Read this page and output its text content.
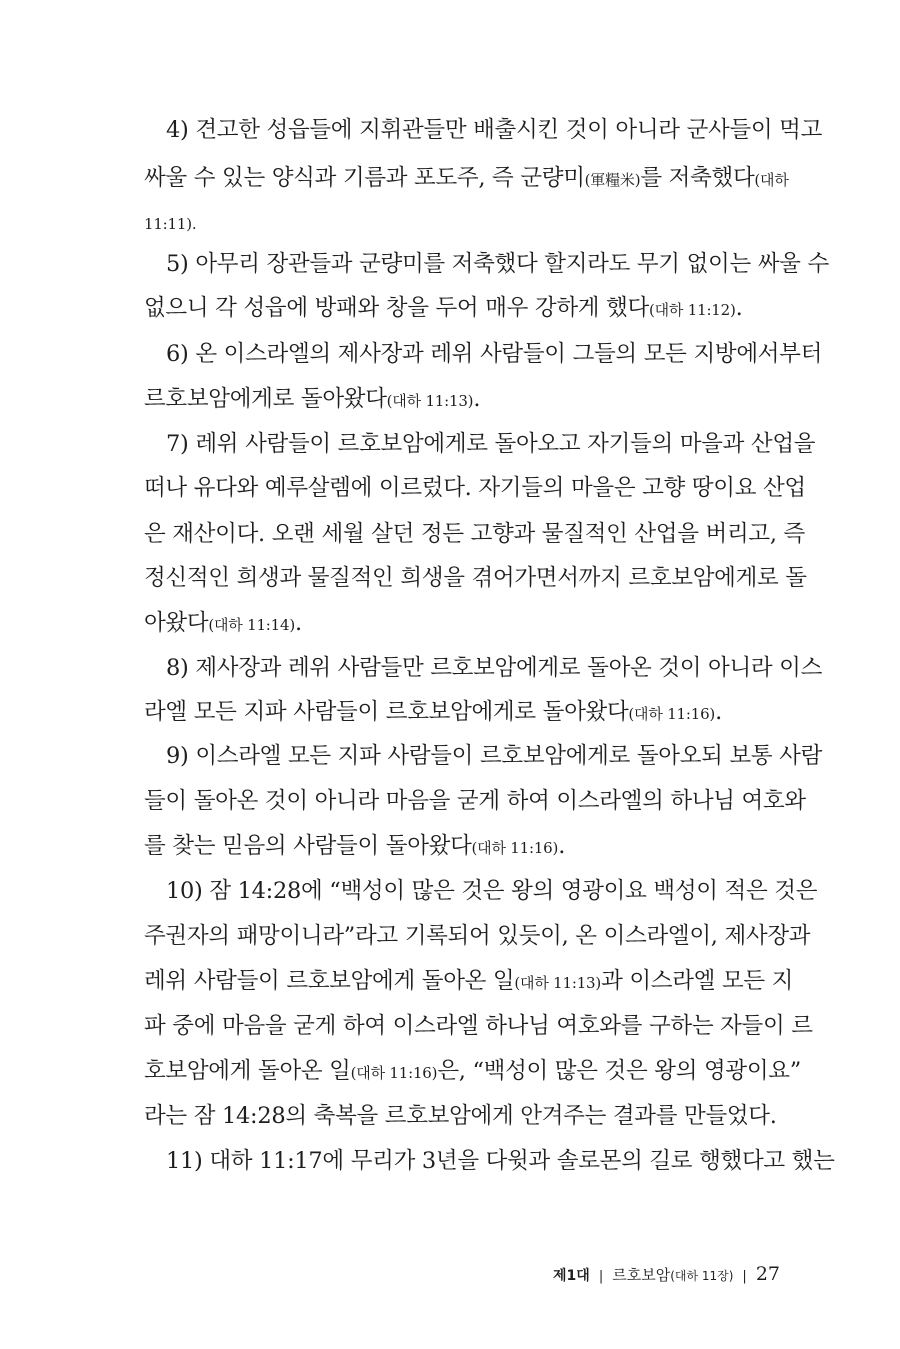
4) 견고한 성읍들에 지휘관들만 배출시킨 것이 아니라 군사들이 먹고
싸울 수 있는 양식과 기름과 포도주, 즉 군량미(軍糧米)를 저축했다(대하
11:11).
5) 아무리 장관들과 군량미를 저축했다 할지라도 무기 없이는 싸울 수
없으니 각 성읍에 방패와 창을 두어 매우 강하게 했다(대하 11:12).
6) 온 이스라엘의 제사장과 레위 사람들이 그들의 모든 지방에서부터
르호보암에게로 돌아왔다(대하 11:13).
7) 레위 사람들이 르호보암에게로 돌아오고 자기들의 마을과 산업을
떠나 유다와 예루살렘에 이르렀다. 자기들의 마을은 고향 땅이요 산업
은 재산이다. 오랜 세월 살던 정든 고향과 물질적인 산업을 버리고, 즉
정신적인 희생과 물질적인 희생을 겪어가면서까지 르호보암에게로 돌
아왔다(대하 11:14).
8) 제사장과 레위 사람들만 르호보암에게로 돌아온 것이 아니라 이스
라엘 모든 지파 사람들이 르호보암에게로 돌아왔다(대하 11:16).
9) 이스라엘 모든 지파 사람들이 르호보암에게로 돌아오되 보통 사람
들이 돌아온 것이 아니라 마음을 굳게 하여 이스라엘의 하나님 여호와
를 찾는 믿음의 사람들이 돌아왔다(대하 11:16).
10) 잠 14:28에 “백성이 많은 것은 왕의 영광이요 백성이 적은 것은
주권자의 패망이니라”라고 기록되어 있듯이, 온 이스라엘이, 제사장과
레위 사람들이 르호보암에게 돌아온 일(대하 11:13)과 이스라엘 모든 지
파 중에 마음을 굳게 하여 이스라엘 하나님 여호와를 구하는 자들이 르
호보암에게 돌아온 일(대하 11:16)은, “백성이 많은 것은 왕의 영광이요”
라는 잠 14:28의 축복을 르호보암에게 안겨주는 결과를 만들었다.
11) 대하 11:17에 무리가 3년을 다윗과 솔로몬의 길로 행했다고 했는
제1대 | 르호보암(대하 11장) | 27
